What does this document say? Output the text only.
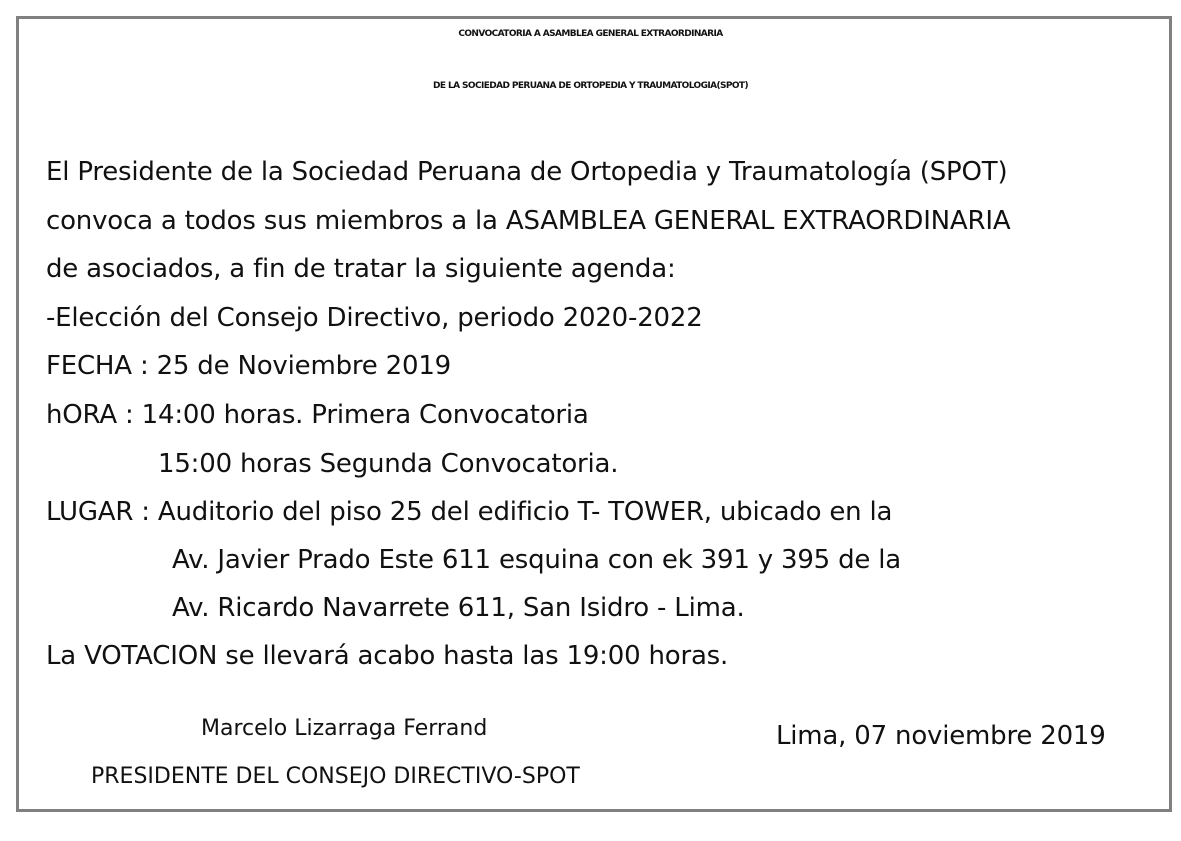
CONVOCATORIA A ASAMBLEA GENERAL EXTRAORDINARIA
DE LA SOCIEDAD PERUANA DE ORTOPEDIA Y TRAUMATOLOGIA(SPOT)
El Presidente de la Sociedad Peruana de Ortopedia y Traumatología (SPOT)
convoca a todos sus miembros a la ASAMBLEA GENERAL EXTRAORDINARIA
de asociados, a fin de tratar la siguiente agenda:
-Elección del Consejo Directivo, periodo 2020-2022
FECHA : 25 de Noviembre 2019
hORA : 14:00 horas. Primera Convocatoria
15:00 horas Segunda Convocatoria.
LUGAR : Auditorio del piso 25 del edificio T- TOWER, ubicado en la
Av. Javier Prado Este 611 esquina con ek 391 y 395 de la
Av. Ricardo Navarrete 611, San Isidro - Lima.
La VOTACION se llevará acabo hasta las 19:00 horas.
Marcelo Lizarraga Ferrand	Lima, 07 noviembre 2019
PRESIDENTE DEL CONSEJO DIRECTIVO-SPOT
